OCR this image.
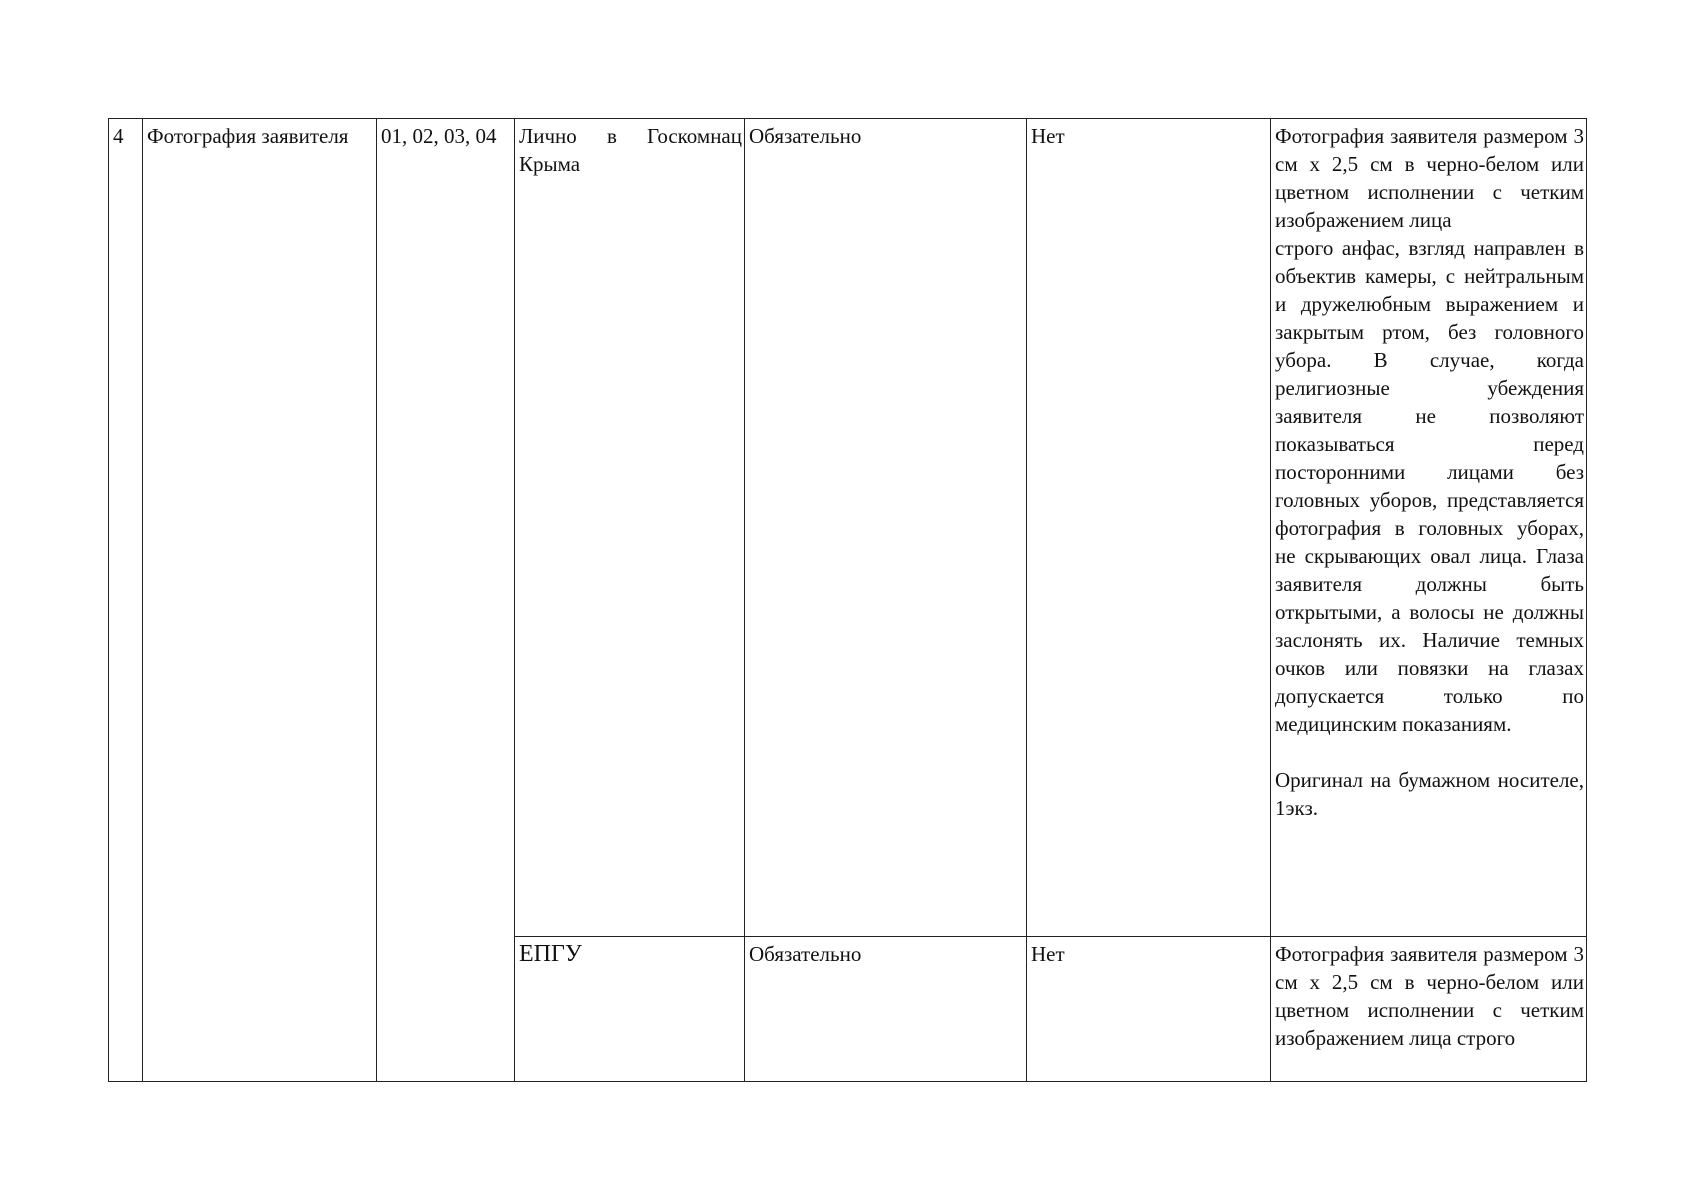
4	Фотография заявителя	01, 02, 03, 04	Лично в Госкомнац Крыма	Обязательно	Нет	Фотография заявителя размером 3 см х 2,5 см в черно-белом или цветном исполнении с четким изображением лица

строго анфас, взгляд направлен в объектив камеры, с нейтральным и дружелюбным выражением и закрытым ртом, без головного убора. В случае, когда религиозные убеждения заявителя не позволяют показываться перед посторонними лицами без головных уборов, представляется фотография в головных уборах, не скрывающих овал лица. Глаза заявителя должны быть открытыми, а волосы не должны заслонять их. Наличие темных очков или повязки на глазах допускается только по медицинским показаниям.

Оригинал на бумажном носителе, 1экз.

			ЕПГУ	Обязательно	Нет	Фотография заявителя размером 3 см х 2,5 см в черно-белом или цветном исполнении с четким изображением лица строго
